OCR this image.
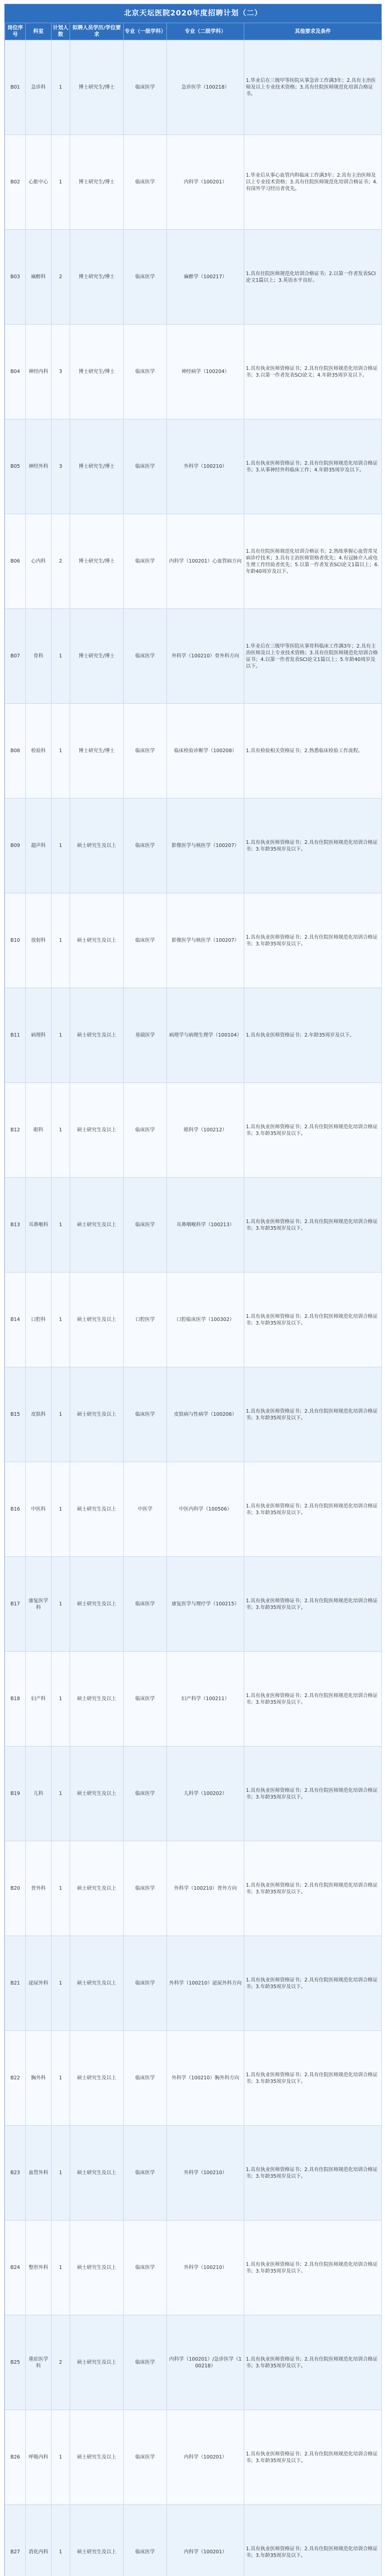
北京天坛医院2020年度招聘计划（二）
岗位序号	科室	计划人数	拟聘人员学历/学位要求	专业（一级学科）	专业（二级学科）	其他要求及条件
B01	急诊科	1	博士研究生/博士	临床医学	急诊医学（100218）	1.毕业后在三级甲等医院从事急诊工作满3年；2.具有主治医师及以上专业技术资格；3.具有住院医师规范化培训合格证书。
B02	心脏中心	1	博士研究生/博士	临床医学	内科学（100201）	1.毕业后从事心血管内科临床工作满3年；2.具有主治医师及以上专业技术资格；3.具有住院医师规范化培训合格证书；4.有国外学习经历者优先。
B03	麻醉科	2	博士研究生/博士	临床医学	麻醉学（100217）	1.具有住院医师规范化培训合格证书；2.以第一作者发表SCI论文1篇以上；3.英语水平良好。
B04	神经内科	3	博士研究生/博士	临床医学	神经病学（100204）	1.具有执业医师资格证书；2.具有住院医师规范化培训合格证书；3.以第一作者发表SCI论文；4.年龄35周岁及以下。
B05	神经外科	3	博士研究生/博士	临床医学	外科学（100210）	1.具有执业医师资格证书；2.具有住院医师规范化培训合格证书；3.从事神经外科临床工作；4.年龄35周岁及以下。
B06	心内科	2	博士研究生/博士	临床医学	内科学（100201）心血管病方向	1.具有住院医师规范化培训合格证书；2.熟练掌握心血管常见病诊疗技术；3.具有主治医师资格者优先；4.有冠脉介入或电生理工作经验者优先；5.以第一作者发表SCI论文1篇以上；6.年龄40周岁及以下。
B07	骨科	1	博士研究生/博士	临床医学	外科学（100210）骨外科方向	1.毕业后在三级甲等医院从事骨科临床工作满3年；2.具有主治医师及以上专业技术资格；3.具有住院医师规范化培训合格证书；4.以第一作者发表SCI论文1篇以上；5.年龄40周岁及以下。
B08	检验科	1	博士研究生/博士	临床医学	临床检验诊断学（100208）	1.具有检验相关资格证书；2.熟悉临床检验工作流程。
B09	超声科	1	硕士研究生及以上	临床医学	影像医学与核医学（100207）	1.具有执业医师资格证书；2.具有住院医师规范化培训合格证书；3.年龄35周岁及以下。
B10	放射科	1	硕士研究生及以上	临床医学	影像医学与核医学（100207）	1.具有执业医师资格证书；2.具有住院医师规范化培训合格证书；3.年龄35周岁及以下。
B11	病理科	1	硕士研究生及以上	基础医学	病理学与病理生理学（100104）	1.具有执业医师资格证书；2.年龄35周岁及以下。
B12	眼科	1	硕士研究生及以上	临床医学	眼科学（100212）	1.具有执业医师资格证书；2.具有住院医师规范化培训合格证书；3.年龄35周岁及以下。
B13	耳鼻喉科	1	硕士研究生及以上	临床医学	耳鼻咽喉科学（100213）	1.具有执业医师资格证书；2.具有住院医师规范化培训合格证书；3.年龄35周岁及以下。
B14	口腔科	1	硕士研究生及以上	口腔医学	口腔临床医学（100302）	1.具有执业医师资格证书；2.具有住院医师规范化培训合格证书；3.年龄35周岁及以下。
B15	皮肤科	1	硕士研究生及以上	临床医学	皮肤病与性病学（100206）	1.具有执业医师资格证书；2.具有住院医师规范化培训合格证书；3.年龄35周岁及以下。
B16	中医科	1	硕士研究生及以上	中医学	中医内科学（100506）	1.具有执业医师资格证书；2.具有住院医师规范化培训合格证书；3.年龄35周岁及以下。
B17	康复医学科	1	硕士研究生及以上	临床医学	康复医学与理疗学（100215）	1.具有执业医师资格证书；2.具有住院医师规范化培训合格证书；3.年龄35周岁及以下。
B18	妇产科	1	硕士研究生及以上	临床医学	妇产科学（100211）	1.具有执业医师资格证书；2.具有住院医师规范化培训合格证书；3.年龄35周岁及以下。
B19	儿科	1	硕士研究生及以上	临床医学	儿科学（100202）	1.具有执业医师资格证书；2.具有住院医师规范化培训合格证书；3.年龄35周岁及以下。
B20	普外科	1	硕士研究生及以上	临床医学	外科学（100210）普外方向	1.具有执业医师资格证书；2.具有住院医师规范化培训合格证书；3.年龄35周岁及以下。
B21	泌尿外科	1	硕士研究生及以上	临床医学	外科学（100210）泌尿外科方向	1.具有执业医师资格证书；2.具有住院医师规范化培训合格证书；3.年龄35周岁及以下。
B22	胸外科	1	硕士研究生及以上	临床医学	外科学（100210）胸外科方向	1.具有执业医师资格证书；2.具有住院医师规范化培训合格证书；3.年龄35周岁及以下。
B23	血管外科	1	硕士研究生及以上	临床医学	外科学（100210）	1.具有执业医师资格证书；2.具有住院医师规范化培训合格证书；3.年龄35周岁及以下。
B24	整形外科	1	硕士研究生及以上	临床医学	外科学（100210）	1.具有执业医师资格证书；2.具有住院医师规范化培训合格证书；3.年龄35周岁及以下。
B25	重症医学科	2	硕士研究生及以上	临床医学	内科学（100201）/急诊医学（100218）	1.具有执业医师资格证书；2.具有住院医师规范化培训合格证书；3.年龄35周岁及以下。
B26	呼吸内科	1	硕士研究生及以上	临床医学	内科学（100201）	1.具有执业医师资格证书；2.具有住院医师规范化培训合格证书；3.年龄35周岁及以下。
B27	消化内科	1	硕士研究生及以上	临床医学	内科学（100201）	1.具有执业医师资格证书；2.具有住院医师规范化培训合格证书；3.年龄35周岁及以下。
